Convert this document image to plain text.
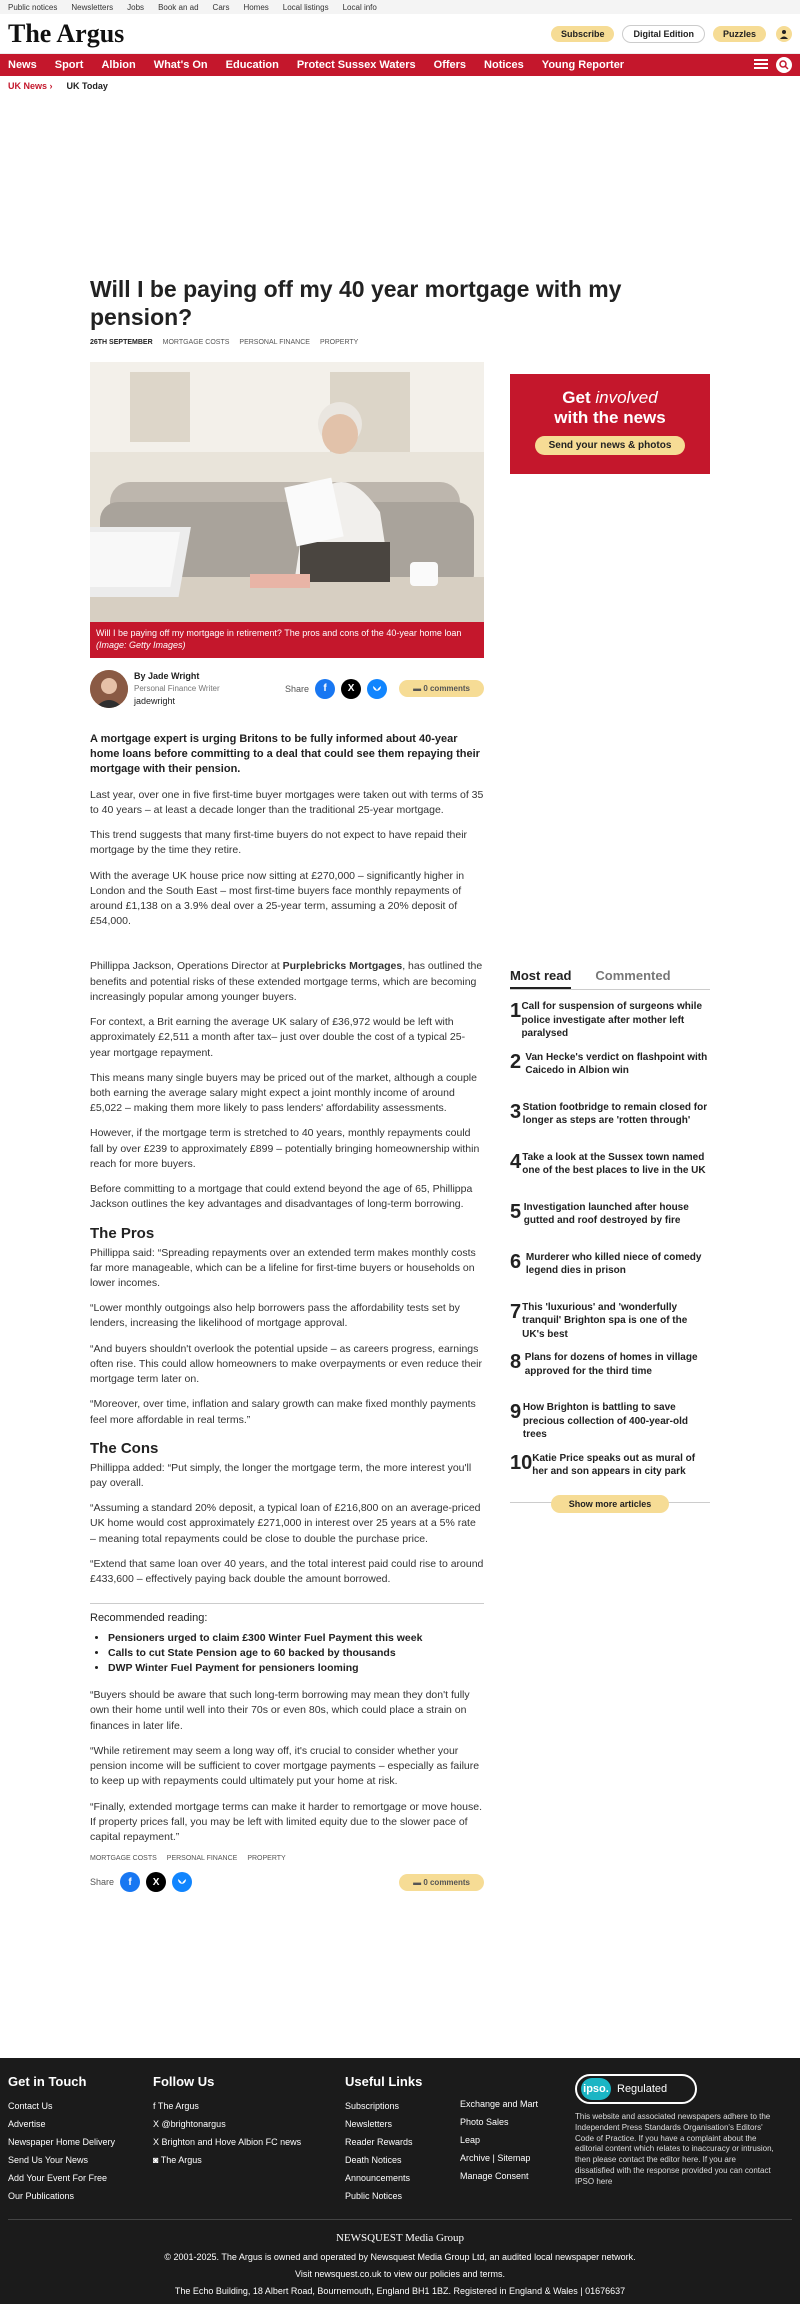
Public notices Newsletters Jobs Book an ad Cars Homes Local listings Local info
The Argus	Subscribe	Digital Edition	Puzzles
News Sport Albion What's On Education Protect Sussex Waters Offers Notices Young Reporter
UK News › UK Today
Will I be paying off my 40 year mortgage with my pension?
26TH SEPTEMBER MORTGAGE COSTS PERSONAL FINANCE PROPERTY
Will I be paying off my mortgage in retirement? The pros and cons of the 40-year home loan (Image: Getty Images)
By Jade Wright
Personal Finance Writer
jadewright
Share	f	X	▬ 0 comments
A mortgage expert is urging Britons to be fully informed about 40-year home loans before committing to a deal that could see them repaying their mortgage with their pension.

Last year, over one in five first-time buyer mortgages were taken out with terms of 35 to 40 years – at least a decade longer than the traditional 25-year mortgage.

This trend suggests that many first-time buyers do not expect to have repaid their mortgage by the time they retire.

With the average UK house price now sitting at £270,000 – significantly higher in London and the South East – most first-time buyers face monthly repayments of around £1,138 on a 3.9% deal over a 25-year term, assuming a 20% deposit of £54,000.

Phillippa Jackson, Operations Director at Purplebricks Mortgages, has outlined the benefits and potential risks of these extended mortgage terms, which are becoming increasingly popular among younger buyers.

For context, a Brit earning the average UK salary of £36,972 would be left with approximately £2,511 a month after tax– just over double the cost of a typical 25-year mortgage repayment.

This means many single buyers may be priced out of the market, although a couple both earning the average salary might expect a joint monthly income of around £5,022 – making them more likely to pass lenders' affordability assessments.

However, if the mortgage term is stretched to 40 years, monthly repayments could fall by over £239 to approximately £899 – potentially bringing homeownership within reach for more buyers.

Before committing to a mortgage that could extend beyond the age of 65, Phillippa Jackson outlines the key advantages and disadvantages of long-term borrowing.

The Pros

Phillippa said: “Spreading repayments over an extended term makes monthly costs far more manageable, which can be a lifeline for first-time buyers or households on lower incomes.

“Lower monthly outgoings also help borrowers pass the affordability tests set by lenders, increasing the likelihood of mortgage approval.

“And buyers shouldn't overlook the potential upside – as careers progress, earnings often rise. This could allow homeowners to make overpayments or even reduce their mortgage term later on.

“Moreover, over time, inflation and salary growth can make fixed monthly payments feel more affordable in real terms.”

The Cons

Phillippa added: “Put simply, the longer the mortgage term, the more interest you'll pay overall.

“Assuming a standard 20% deposit, a typical loan of £216,800 on an average-priced UK home would cost approximately £271,000 in interest over 25 years at a 5% rate – meaning total repayments could be close to double the purchase price.

“Extend that same loan over 40 years, and the total interest paid could rise to around £433,600 – effectively paying back double the amount borrowed.

Recommended reading:
• Pensioners urged to claim £300 Winter Fuel Payment this week
• Calls to cut State Pension age to 60 backed by thousands
• DWP Winter Fuel Payment for pensioners looming

“Buyers should be aware that such long-term borrowing may mean they don't fully own their home until well into their 70s or even 80s, which could place a strain on finances in later life.

“While retirement may seem a long way off, it's crucial to consider whether your pension income will be sufficient to cover mortgage payments – especially as failure to keep up with repayments could ultimately put your home at risk.

“Finally, extended mortgage terms can make it harder to remortgage or move house. If property prices fall, you may be left with limited equity due to the slower pace of capital repayment.”

MORTGAGE COSTS PERSONAL FINANCE PROPERTY
Share	f	X	▬ 0 comments
Get involved
with the news
Send your news & photos
Most read Commented
1 Call for suspension of surgeons while police investigate after mother left paralysed
2 Van Hecke's verdict on flashpoint with Caicedo in Albion win
3 Station footbridge to remain closed for longer as steps are 'rotten through'
4 Take a look at the Sussex town named one of the best places to live in the UK
5 Investigation launched after house gutted and roof destroyed by fire
6 Murderer who killed niece of comedy legend dies in prison
7 This 'luxurious' and 'wonderfully tranquil' Brighton spa is one of the UK's best
8 Plans for dozens of homes in village approved for the third time
9 How Brighton is battling to save precious collection of 400-year-old trees
10 Katie Price speaks out as mural of her and son appears in city park
$^{Show more articles}$
Get in Touch
Contact Us
Advertise
Newspaper Home Delivery
Send Us Your News
Add Your Event For Free
Our Publications
Follow Us
f The Argus
X @brightonargus
X Brighton and Hove Albion FC news
◙ The Argus
Useful Links
Subscriptions
Newsletters
Reader Rewards
Death Notices
Announcements
Public Notices
Exchange and Mart
Photo Sales
Leap
Archive | Sitemap
Manage Consent
ipso. Regulated
This website and associated newspapers adhere to the Independent Press Standards Organisation's Editors' Code of Practice. If you have a complaint about the editorial content which relates to inaccuracy or intrusion, then please contact the editor here. If you are dissatisfied with the response provided you can contact IPSO here
NEWSQUEST Media Group
© 2001-2025. The Argus is owned and operated by Newsquest Media Group Ltd, an audited local newspaper network.
Visit newsquest.co.uk to view our policies and terms.
The Echo Building, 18 Albert Road, Bournemouth, England BH1 1BZ. Registered in England & Wales | 01676637
